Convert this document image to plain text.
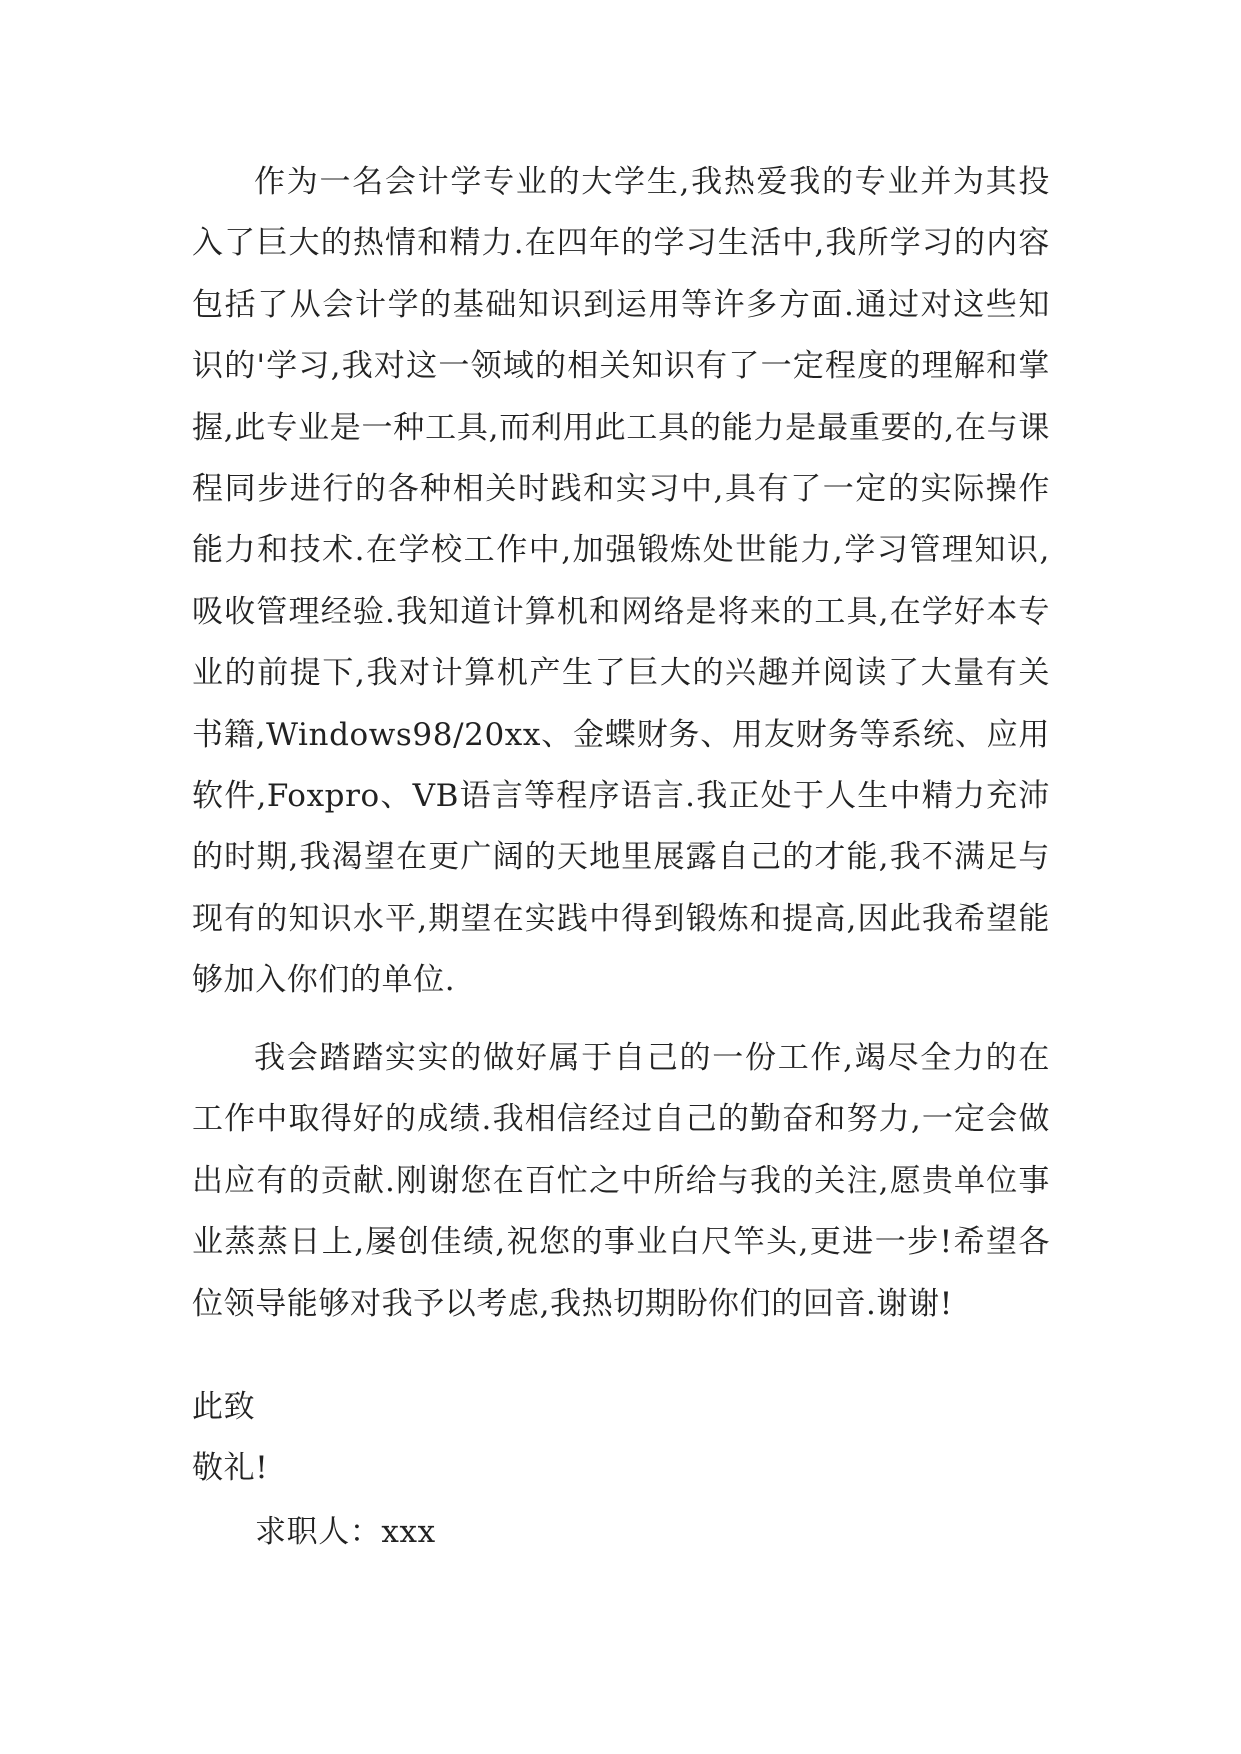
作为一名会计学专业的大学生,我热爱我的专业并为其投入了巨大的热情和精力.在四年的学习生活中,我所学习的内容包括了从会计学的基础知识到运用等许多方面.通过对这些知识的'学习,我对这一领域的相关知识有了一定程度的理解和掌握,此专业是一种工具,而利用此工具的能力是最重要的,在与课程同步进行的各种相关时践和实习中,具有了一定的实际操作能力和技术.在学校工作中,加强锻炼处世能力,学习管理知识,吸收管理经验.我知道计算机和网络是将来的工具,在学好本专业的前提下,我对计算机产生了巨大的兴趣并阅读了大量有关书籍,Windows98/20xx、金蝶财务、用友财务等系统、应用软件,Foxpro、VB语言等程序语言.我正处于人生中精力充沛的时期,我渴望在更广阔的天地里展露自己的才能,我不满足与现有的知识水平,期望在实践中得到锻炼和提高,因此我希望能够加入你们的单位.

我会踏踏实实的做好属于自己的一份工作,竭尽全力的在工作中取得好的成绩.我相信经过自己的勤奋和努力,一定会做出应有的贡献.刚谢您在百忙之中所给与我的关注,愿贵单位事业蒸蒸日上,屡创佳绩,祝您的事业白尺竿头,更进一步!希望各位领导能够对我予以考虑,我热切期盼你们的回音.谢谢!

此致
敬礼!
求职人：xxx
